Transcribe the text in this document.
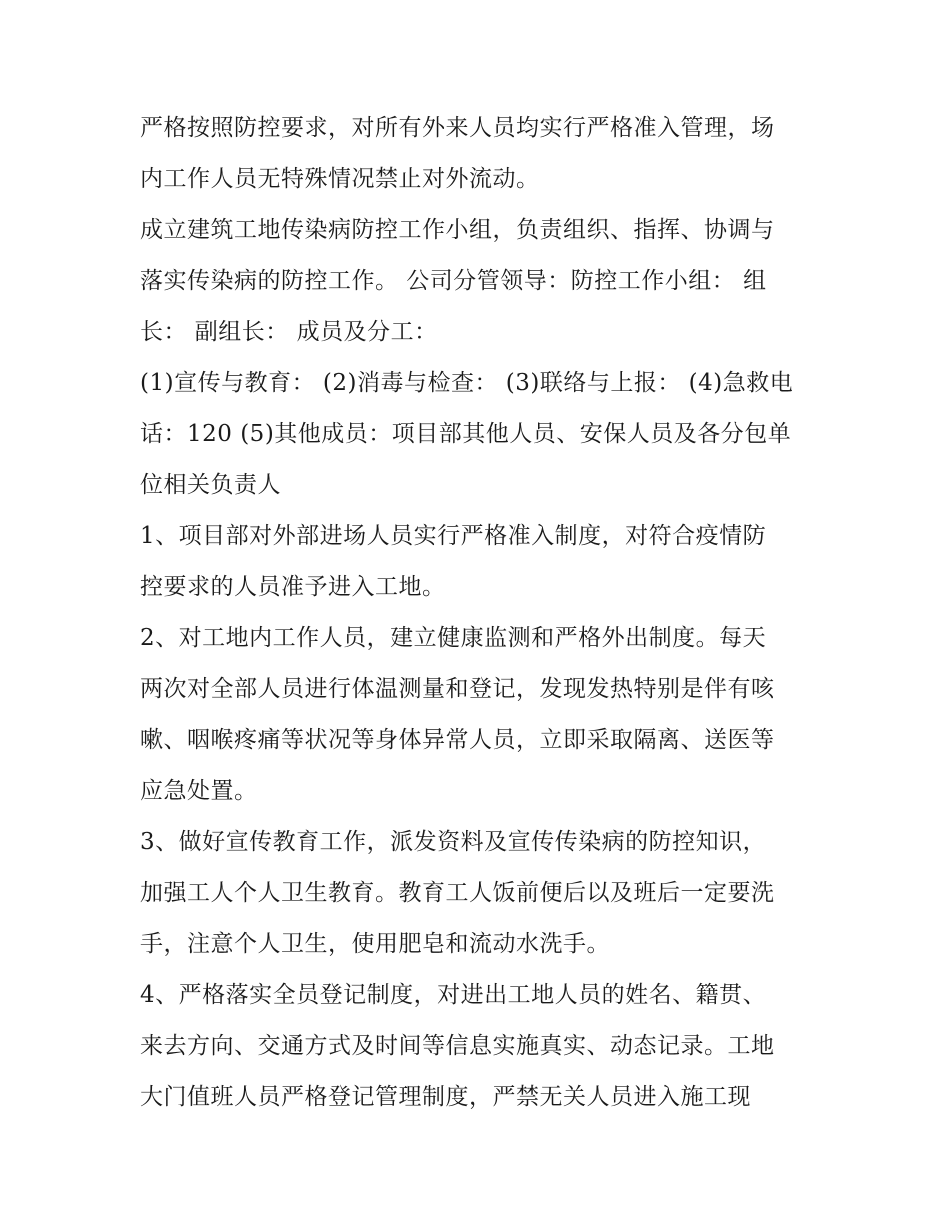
严格按照防控要求，对所有外来人员均实行严格准入管理，场
内工作人员无特殊情况禁止对外流动。
成立建筑工地传染病防控工作小组，负责组织、指挥、协调与
落实传染病的防控工作。 公司分管领导：防控工作小组： 组
长： 副组长： 成员及分工：
(1)宣传与教育： (2)消毒与检查： (3)联络与上报： (4)急救电
话：120 (5)其他成员：项目部其他人员、安保人员及各分包单
位相关负责人
1、项目部对外部进场人员实行严格准入制度，对符合疫情防
控要求的人员准予进入工地。
2、对工地内工作人员，建立健康监测和严格外出制度。每天
两次对全部人员进行体温测量和登记，发现发热特别是伴有咳
嗽、咽喉疼痛等状况等身体异常人员，立即采取隔离、送医等
应急处置。
3、做好宣传教育工作，派发资料及宣传传染病的防控知识，
加强工人个人卫生教育。教育工人饭前便后以及班后一定要洗
手，注意个人卫生，使用肥皂和流动水洗手。
4、严格落实全员登记制度，对进出工地人员的姓名、籍贯、
来去方向、交通方式及时间等信息实施真实、动态记录。工地
大门值班人员严格登记管理制度，严禁无关人员进入施工现
